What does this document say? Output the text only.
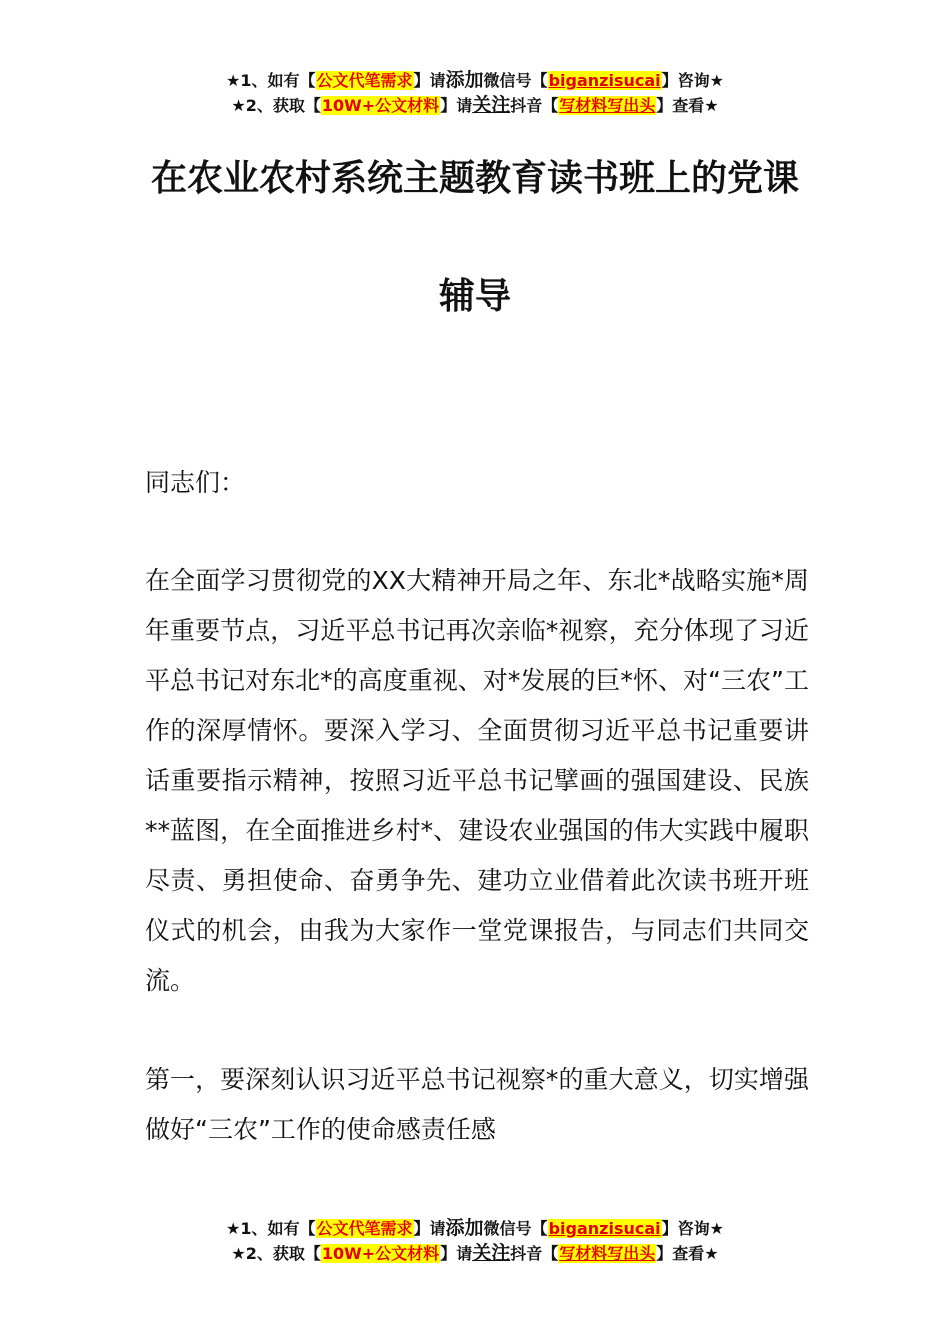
★1、如有【公文代笔需求】请添加微信号【biganzisucai】咨询★
★2、获取【10W+公文材料】请关注抖音【写材料写出头】查看★
在农业农村系统主题教育读书班上的党课
辅导
同志们：
在全面学习贯彻党的XX大精神开局之年、东北*战略实施*周年重要节点，习近平总书记再次亲临*视察，充分体现了习近平总书记对东北*的高度重视、对*发展的巨*怀、对“三农”工作的深厚情怀。要深入学习、全面贯彻习近平总书记重要讲话重要指示精神，按照习近平总书记擘画的强国建设、民族**蓝图，在全面推进乡村*、建设农业强国的伟大实践中履职尽责、勇担使命、奋勇争先、建功立业借着此次读书班开班仪式的机会，由我为大家作一堂党课报告，与同志们共同交流。
第一，要深刻认识习近平总书记视察*的重大意义，切实增强做好“三农”工作的使命感责任感
★1、如有【公文代笔需求】请添加微信号【biganzisucai】咨询★
★2、获取【10W+公文材料】请关注抖音【写材料写出头】查看★
